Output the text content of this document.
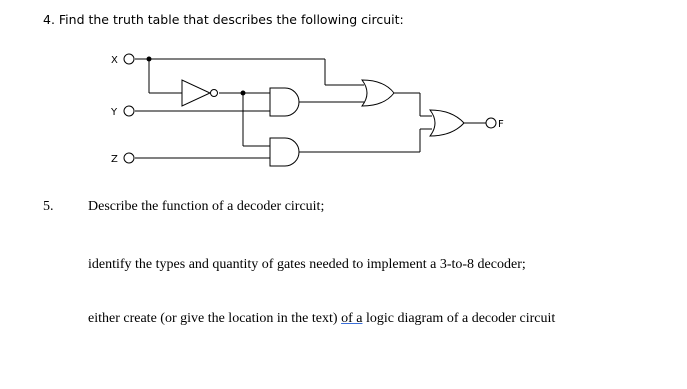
4. Find the truth table that describes the following circuit:
X
Y
Z
F
5. Describe the function of a decoder circuit;
identify the types and quantity of gates needed to implement a 3-to-8 decoder;
either create (or give the location in the text) of a logic diagram of a decoder circuit
